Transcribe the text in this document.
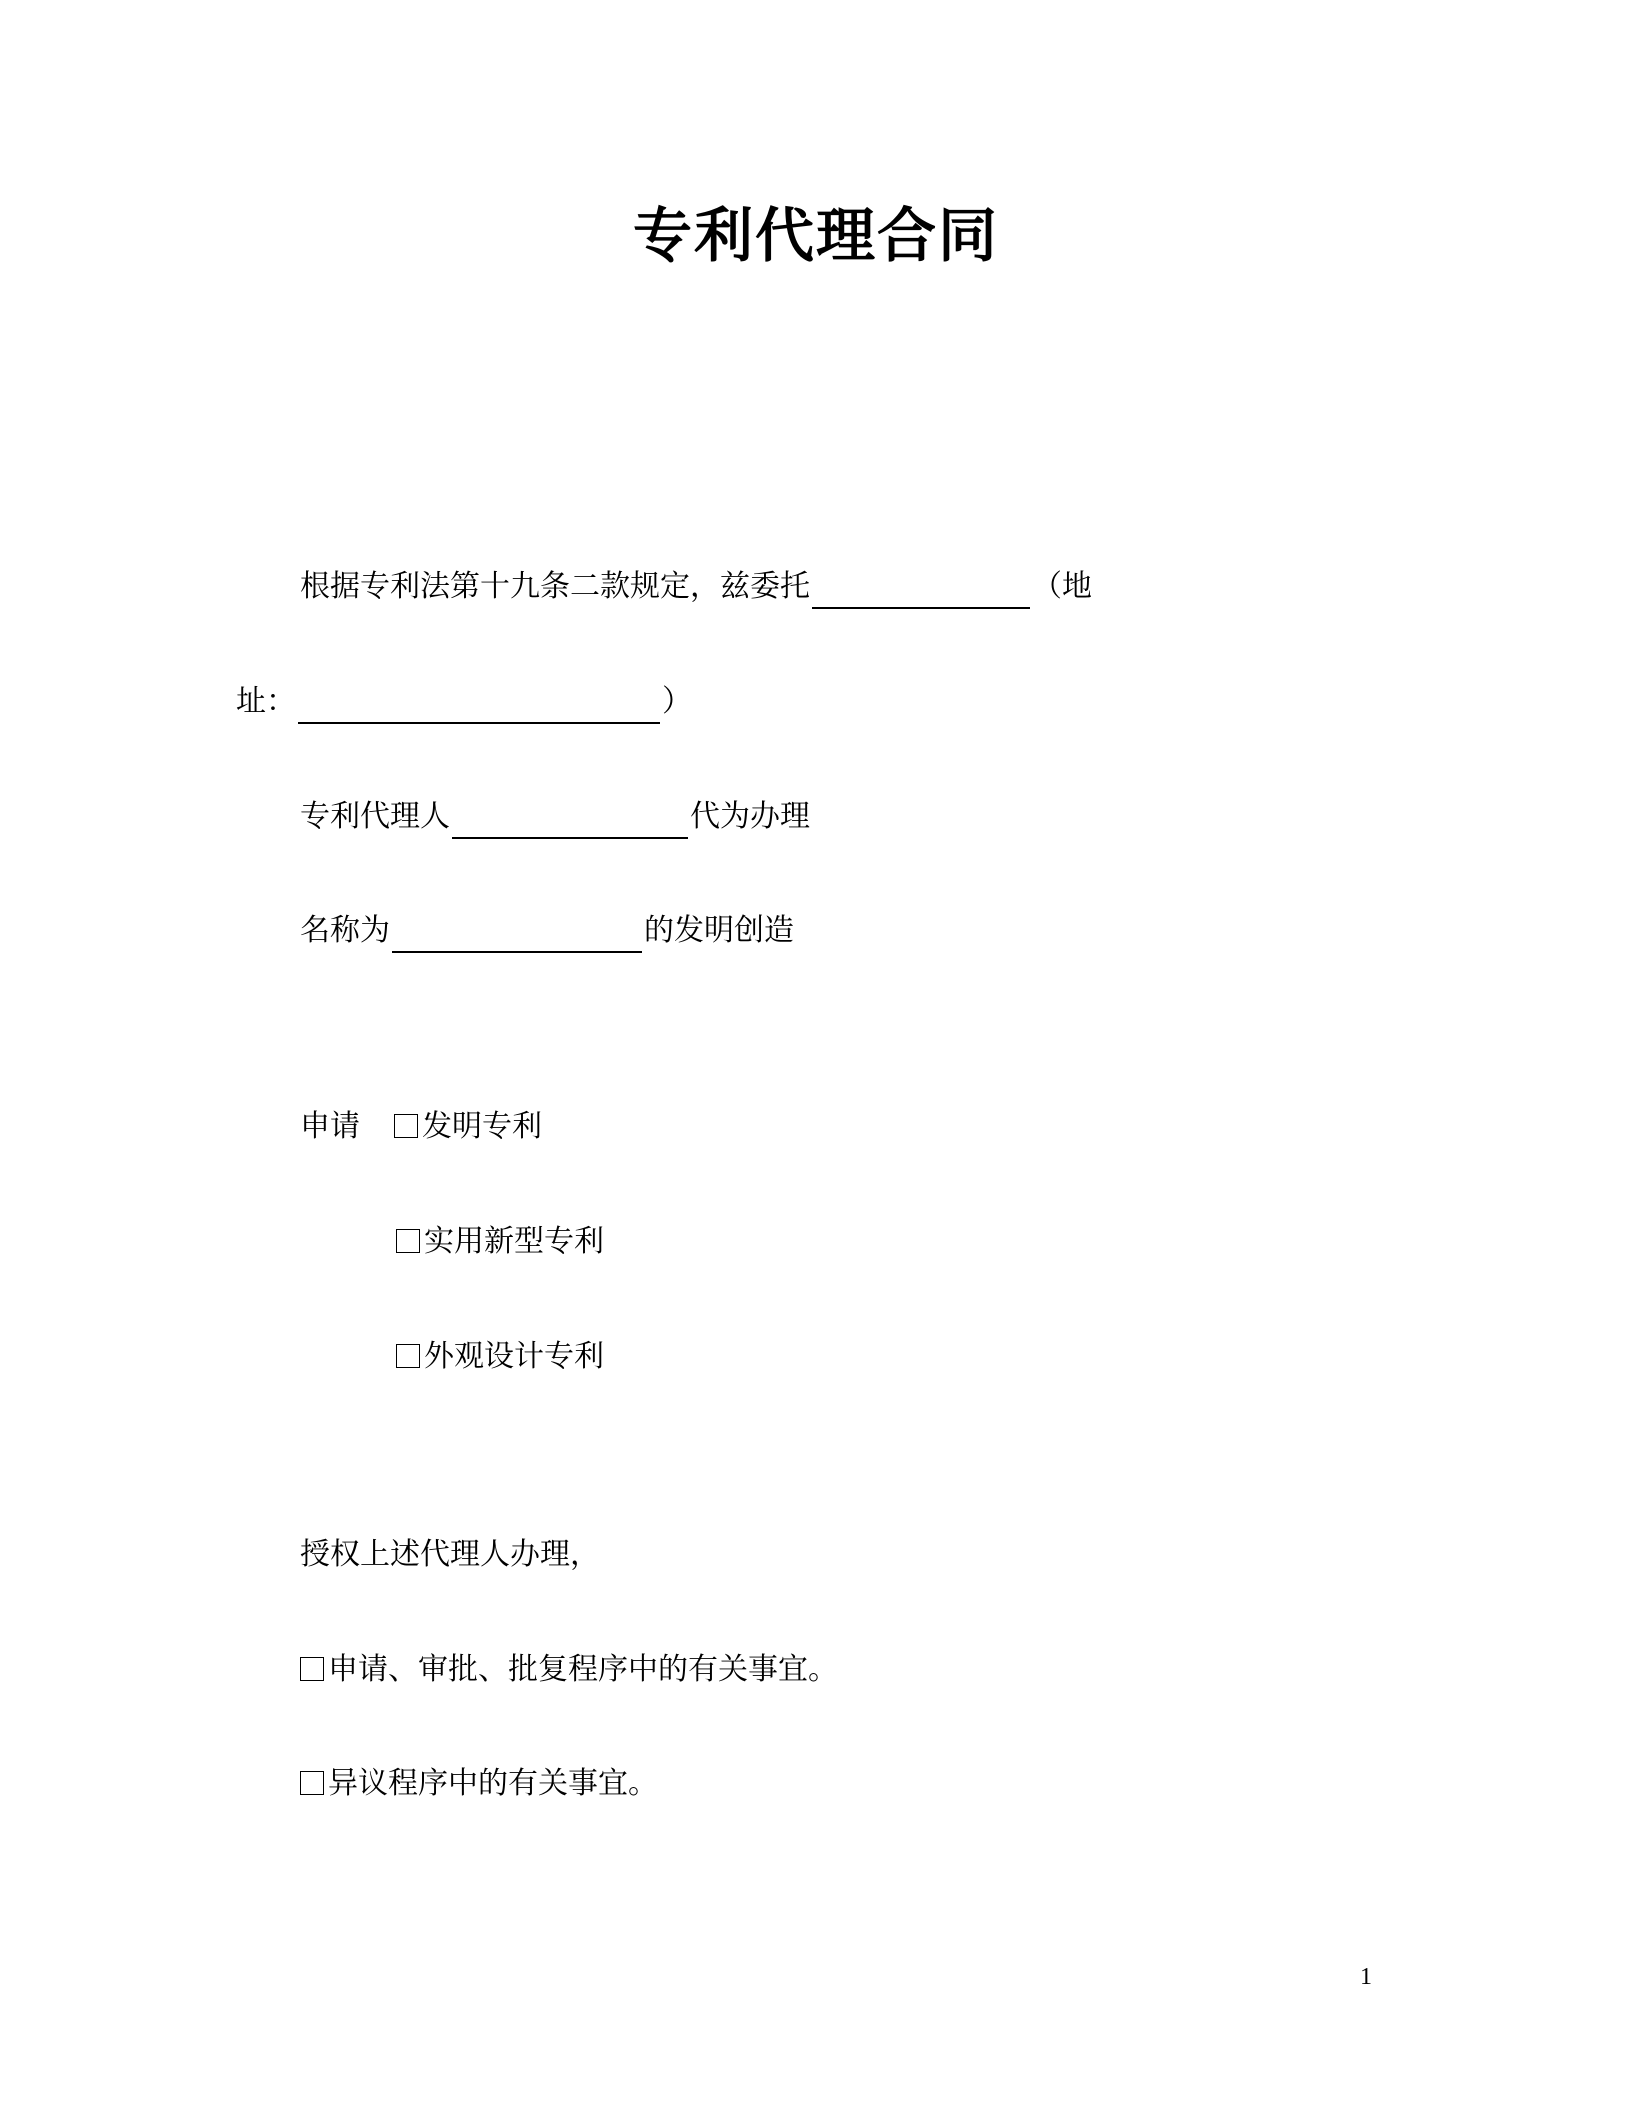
专利代理合同
根据专利法第十九条二款规定，兹委托	（地
址：	）
专利代理人	代为办理
名称为	的发明创造
申请 发明专利
实用新型专利
外观设计专利
授权上述代理人办理，
申请、审批、批复程序中的有关事宜。
异议程序中的有关事宜。
1
